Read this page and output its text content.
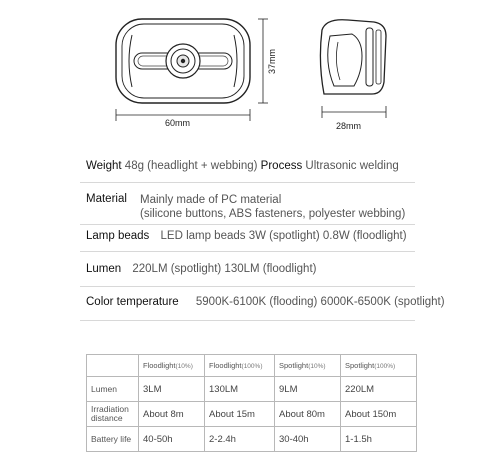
60mm
37mm
28mm
Weight 48g (headlight + webbing) Process Ultrasonic welding
Material Mainly made of PC material
(silicone buttons, ABS fasteners, polyester webbing)
Lamp beads LED lamp beads 3W (spotlight) 0.8W (floodlight)
Lumen 220LM (spotlight) 130LM (floodlight)
Color temperature 5900K-6100K (flooding) 6000K-6500K (spotlight)
	Floodlight(10%)	Floodlight(100%)	Spotlight(10%)	Spotlight(100%)
Lumen	3LM	130LM	9LM	220LM
Irradiation distance	About 8m	About 15m	About 80m	About 150m
Battery life	40-50h	2-2.4h	30-40h	1-1.5h
